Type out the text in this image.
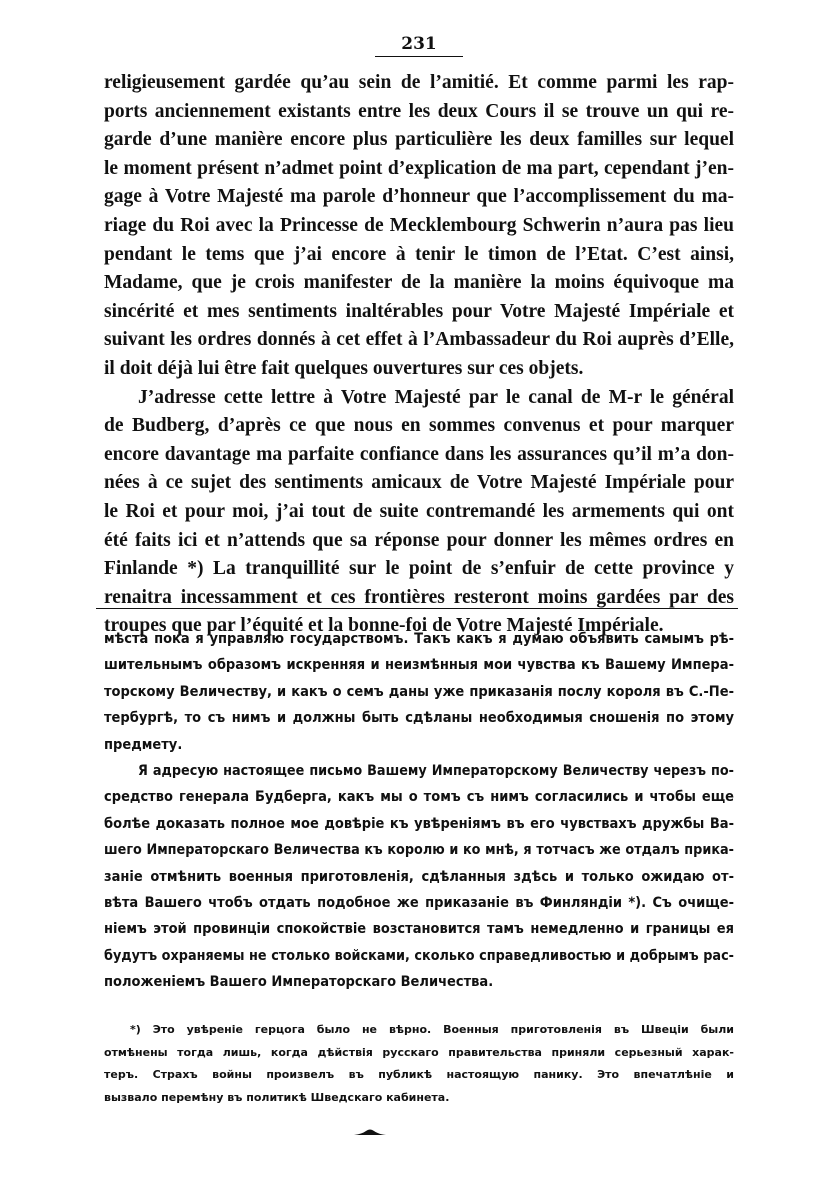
231
religieusement gardée qu’au sein de l’amitié. Et comme parmi les rap-
ports anciennement existants entre les deux Cours il se trouve un qui re-
garde d’une manière encore plus particulière les deux familles sur lequel
le moment présent n’admet point d’explication de ma part, cependant j’en-
gage à Votre Majesté ma parole d’honneur que l’accomplissement du ma-
riage du Roi avec la Princesse de Mecklembourg Schwerin n’aura pas lieu
pendant le tems que j’ai encore à tenir le timon de l’Etat. C’est ainsi,
Madame, que je crois manifester de la manière la moins équivoque ma
sincérité et mes sentiments inaltérables pour Votre Majesté Impériale et
suivant les ordres donnés à cet effet à l’Ambassadeur du Roi auprès d’Elle,
il doit déjà lui être fait quelques ouvertures sur ces objets.
J’adresse cette lettre à Votre Majesté par le canal de M-r le général
de Budberg, d’après ce que nous en sommes convenus et pour marquer
encore davantage ma parfaite confiance dans les assurances qu’il m’a don-
nées à ce sujet des sentiments amicaux de Votre Majesté Impériale pour
le Roi et pour moi, j’ai tout de suite contremandé les armements qui ont
été faits ici et n’attends que sa réponse pour donner les mêmes ordres en
Finlande *) La tranquillité sur le point de s’enfuir de cette province y
renaitra incessamment et ces frontières resteront moins gardées par des
troupes que par l’équité et la bonne-foi de Votre Majesté Impériale.
мѣста пока я управляю государствомъ. Такъ какъ я думаю объявить самымъ рѣ-
шительнымъ образомъ искренняя и неизмѣнныя мои чувства къ Вашему Импера-
торскому Величеству, и какъ о семъ даны уже приказанія послу короля въ С.-Пе-
тербургѣ, то съ нимъ и должны быть сдѣланы необходимыя сношенія по этому
предмету.
Я адресую настоящее письмо Вашему Императорскому Величеству черезъ по-
средство генерала Будберга, какъ мы о томъ съ нимъ согласились и чтобы еще
болѣе доказать полное мое довѣріе къ увѣреніямъ въ его чувствахъ дружбы Ва-
шего Императорскаго Величества къ королю и ко мнѣ, я тотчасъ же отдалъ прика-
заніе отмѣнить военныя приготовленія, сдѣланныя здѣсь и только ожидаю от-
вѣта Вашего чтобъ отдать подобное же приказаніе въ Финляндіи *). Съ очище-
ніемъ этой провинціи спокойствіе возстановится тамъ немедленно и границы ея
будутъ охраняемы не столько войсками, сколько справедливостью и добрымъ рас-
положеніемъ Вашего Императорскаго Величества.
*) Это увѣреніе герцога было не вѣрно. Военныя приготовленія въ Швеціи были
отмѣнены тогда лишь, когда дѣйствія русскаго правительства приняли серьезный харак-
теръ. Страхъ войны произвелъ въ публикѣ настоящую панику. Это впечатлѣніе и
вызвало перемѣну въ политикѣ Шведскаго кабинета.
